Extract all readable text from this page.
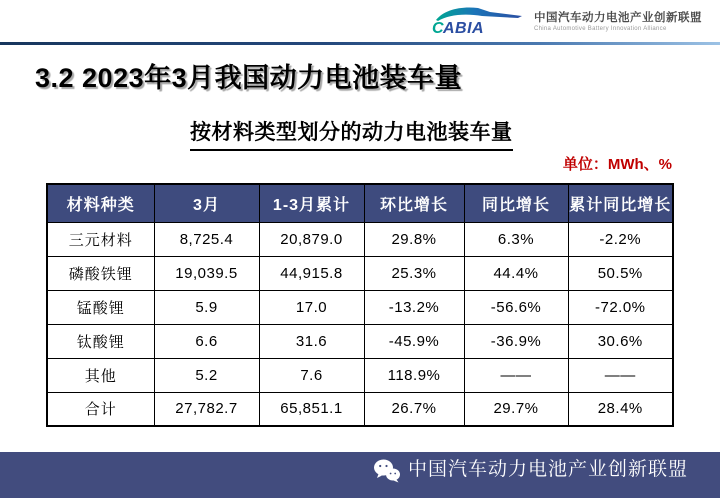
C ABIA
中国汽车动力电池产业创新联盟
China Automotive Battery Innovation Alliance
3.2 2023年3月我国动力电池装车量
按材料类型划分的动力电池装车量
单位：MWh、%
材料种类	3月	1-3月累计	环比增长	同比增长	累计同比增长
三元材料	8,725.4	20,879.0	29.8%	6.3%	-2.2%
磷酸铁锂	19,039.5	44,915.8	25.3%	44.4%	50.5%
锰酸锂	5.9	17.0	-13.2%	-56.6%	-72.0%
钛酸锂	6.6	31.6	-45.9%	-36.9%	30.6%
其他	5.2	7.6	118.9%	——	——
合计	27,782.7	65,851.1	26.7%	29.7%	28.4%
中国汽车动力电池产业创新联盟
